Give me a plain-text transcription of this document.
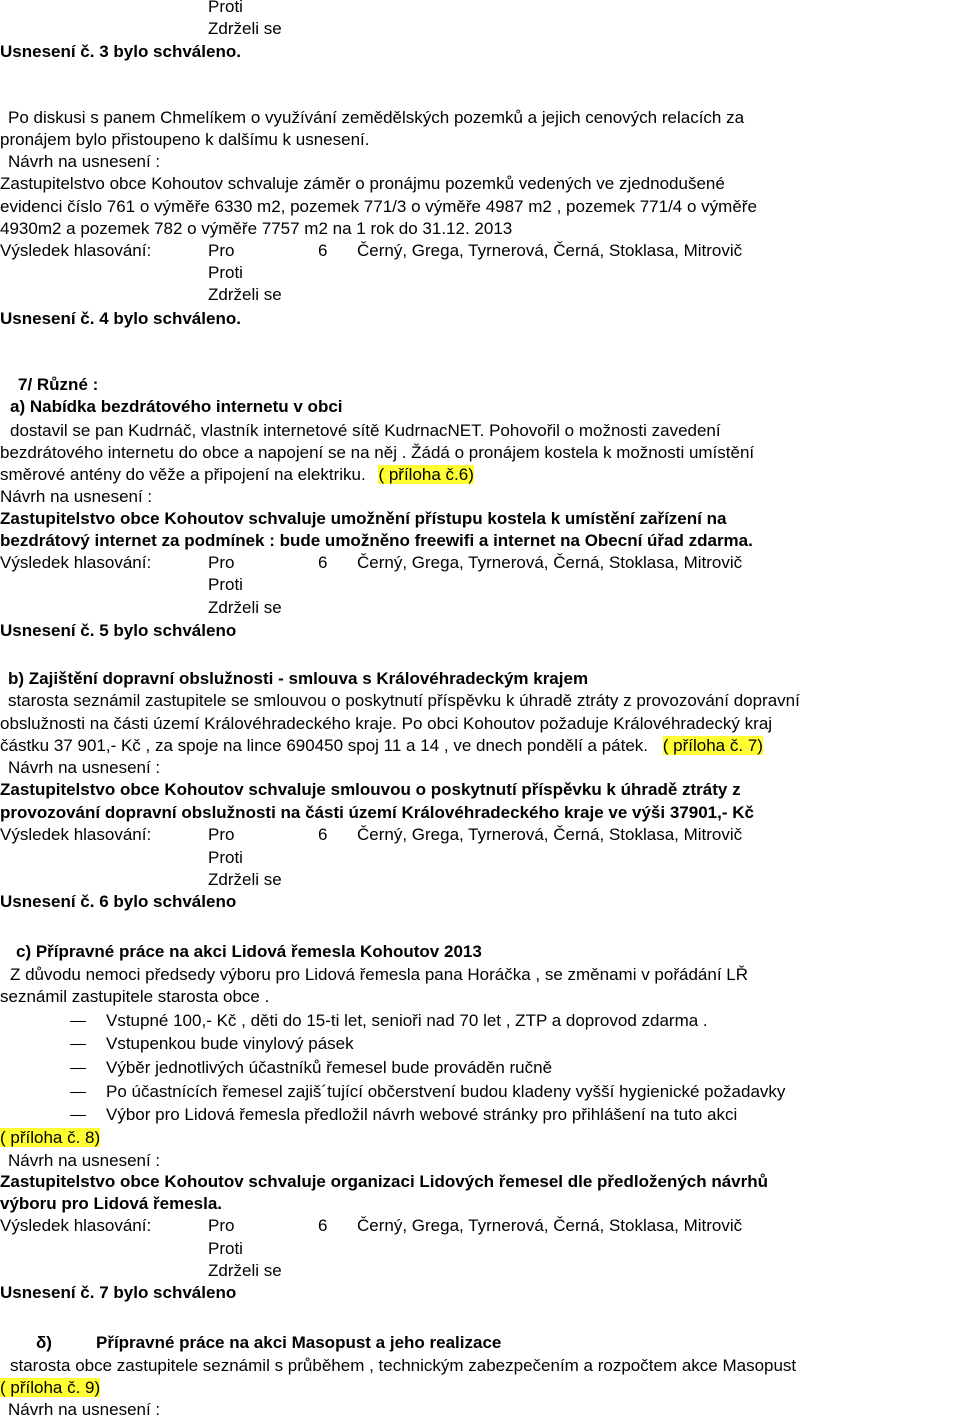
Proti
Zdrželi se
Usnesení č. 3 bylo schváleno.
Po diskusi s panem Chmelíkem o využívání zemědělských pozemků a jejich cenových relacích za
pronájem bylo přistoupeno k dalšímu k usnesení.
Návrh na usnesení :
Zastupitelstvo obce Kohoutov schvaluje záměr o pronájmu pozemků vedených ve zjednodušené
evidenci číslo 761 o výměře 6330 m2, pozemek 771/3 o výměře 4987 m2 , pozemek 771/4 o výměře
4930m2 a pozemek 782 o výměře 7757 m2 na 1 rok do 31.12. 2013
Výsledek hlasování:	Pro	6 Černý, Grega, Tyrnerová, Černá, Stoklasa, Mitrovič
Proti
Zdrželi se
Usnesení č. 4 bylo schváleno.
7/ Různé :
a) Nabídka bezdrátového internetu v obci
dostavil se pan Kudrnáč, vlastník internetové sítě KudrnacNET. Pohovořil o možnosti zavedení
bezdrátového internetu do obce a napojení se na něj . Žádá o pronájem kostela k možnosti umístění
směrové antény do věže a připojení na elektriku. ( příloha č.6)
Návrh na usnesení :
Zastupitelstvo obce Kohoutov schvaluje umožnění přístupu kostela k umístění zařízení na
bezdrátový internet za podmínek : bude umožněno freewifi a internet na Obecní úřad zdarma.
Výsledek hlasování:	Pro	6 Černý, Grega, Tyrnerová, Černá, Stoklasa, Mitrovič
Proti
Zdrželi se
Usnesení č. 5 bylo schváleno
b) Zajištění dopravní obslužnosti - smlouva s Královéhradeckým krajem
starosta seznámil zastupitele se smlouvou o poskytnutí příspěvku k úhradě ztráty z provozování dopravní
obslužnosti na části území Královéhradeckého kraje. Po obci Kohoutov požaduje Královéhradecký kraj
částku 37 901,- Kč , za spoje na lince 690450 spoj 11 a 14 , ve dnech pondělí a pátek. ( příloha č. 7)
Návrh na usnesení :
Zastupitelstvo obce Kohoutov schvaluje smlouvou o poskytnutí příspěvku k úhradě ztráty z
provozování dopravní obslužnosti na části území Královéhradeckého kraje ve výši 37901,- Kč
Výsledek hlasování:	Pro	6 Černý, Grega, Tyrnerová, Černá, Stoklasa, Mitrovič
Proti
Zdrželi se
Usnesení č. 6 bylo schváleno
c) Přípravné práce na akci Lidová řemesla Kohoutov 2013
Z důvodu nemoci předsedy výboru pro Lidová řemesla pana Horáčka , se změnami v pořádání LŘ
seznámil zastupitele starosta obce .
Vstupné 100,- Kč , děti do 15-ti let, senioři nad 70 let , ZTP a doprovod zdarma .
Vstupenkou bude vinylový pásek
Výběr jednotlivých účastníků řemesel bude prováděn ručně
Po účastnících řemesel zajiš´tující občerstvení budou kladeny vyšší hygienické požadavky
Výbor pro Lidová řemesla předložil návrh webové stránky pro přihlášení na tuto akci
( příloha č. 8)
Návrh na usnesení :
Zastupitelstvo obce Kohoutov schvaluje organizaci Lidových řemesel dle předložených návrhů
výboru pro Lidová řemesla.
Výsledek hlasování:	Pro	6 Černý, Grega, Tyrnerová, Černá, Stoklasa, Mitrovič
Proti
Zdrželi se
Usnesení č. 7 bylo schváleno
δ)	Přípravné práce na akci Masopust a jeho realizace
starosta obce zastupitele seznámil s průběhem , technickým zabezpečením a rozpočtem akce Masopust
( příloha č. 9)
Návrh na usnesení :
